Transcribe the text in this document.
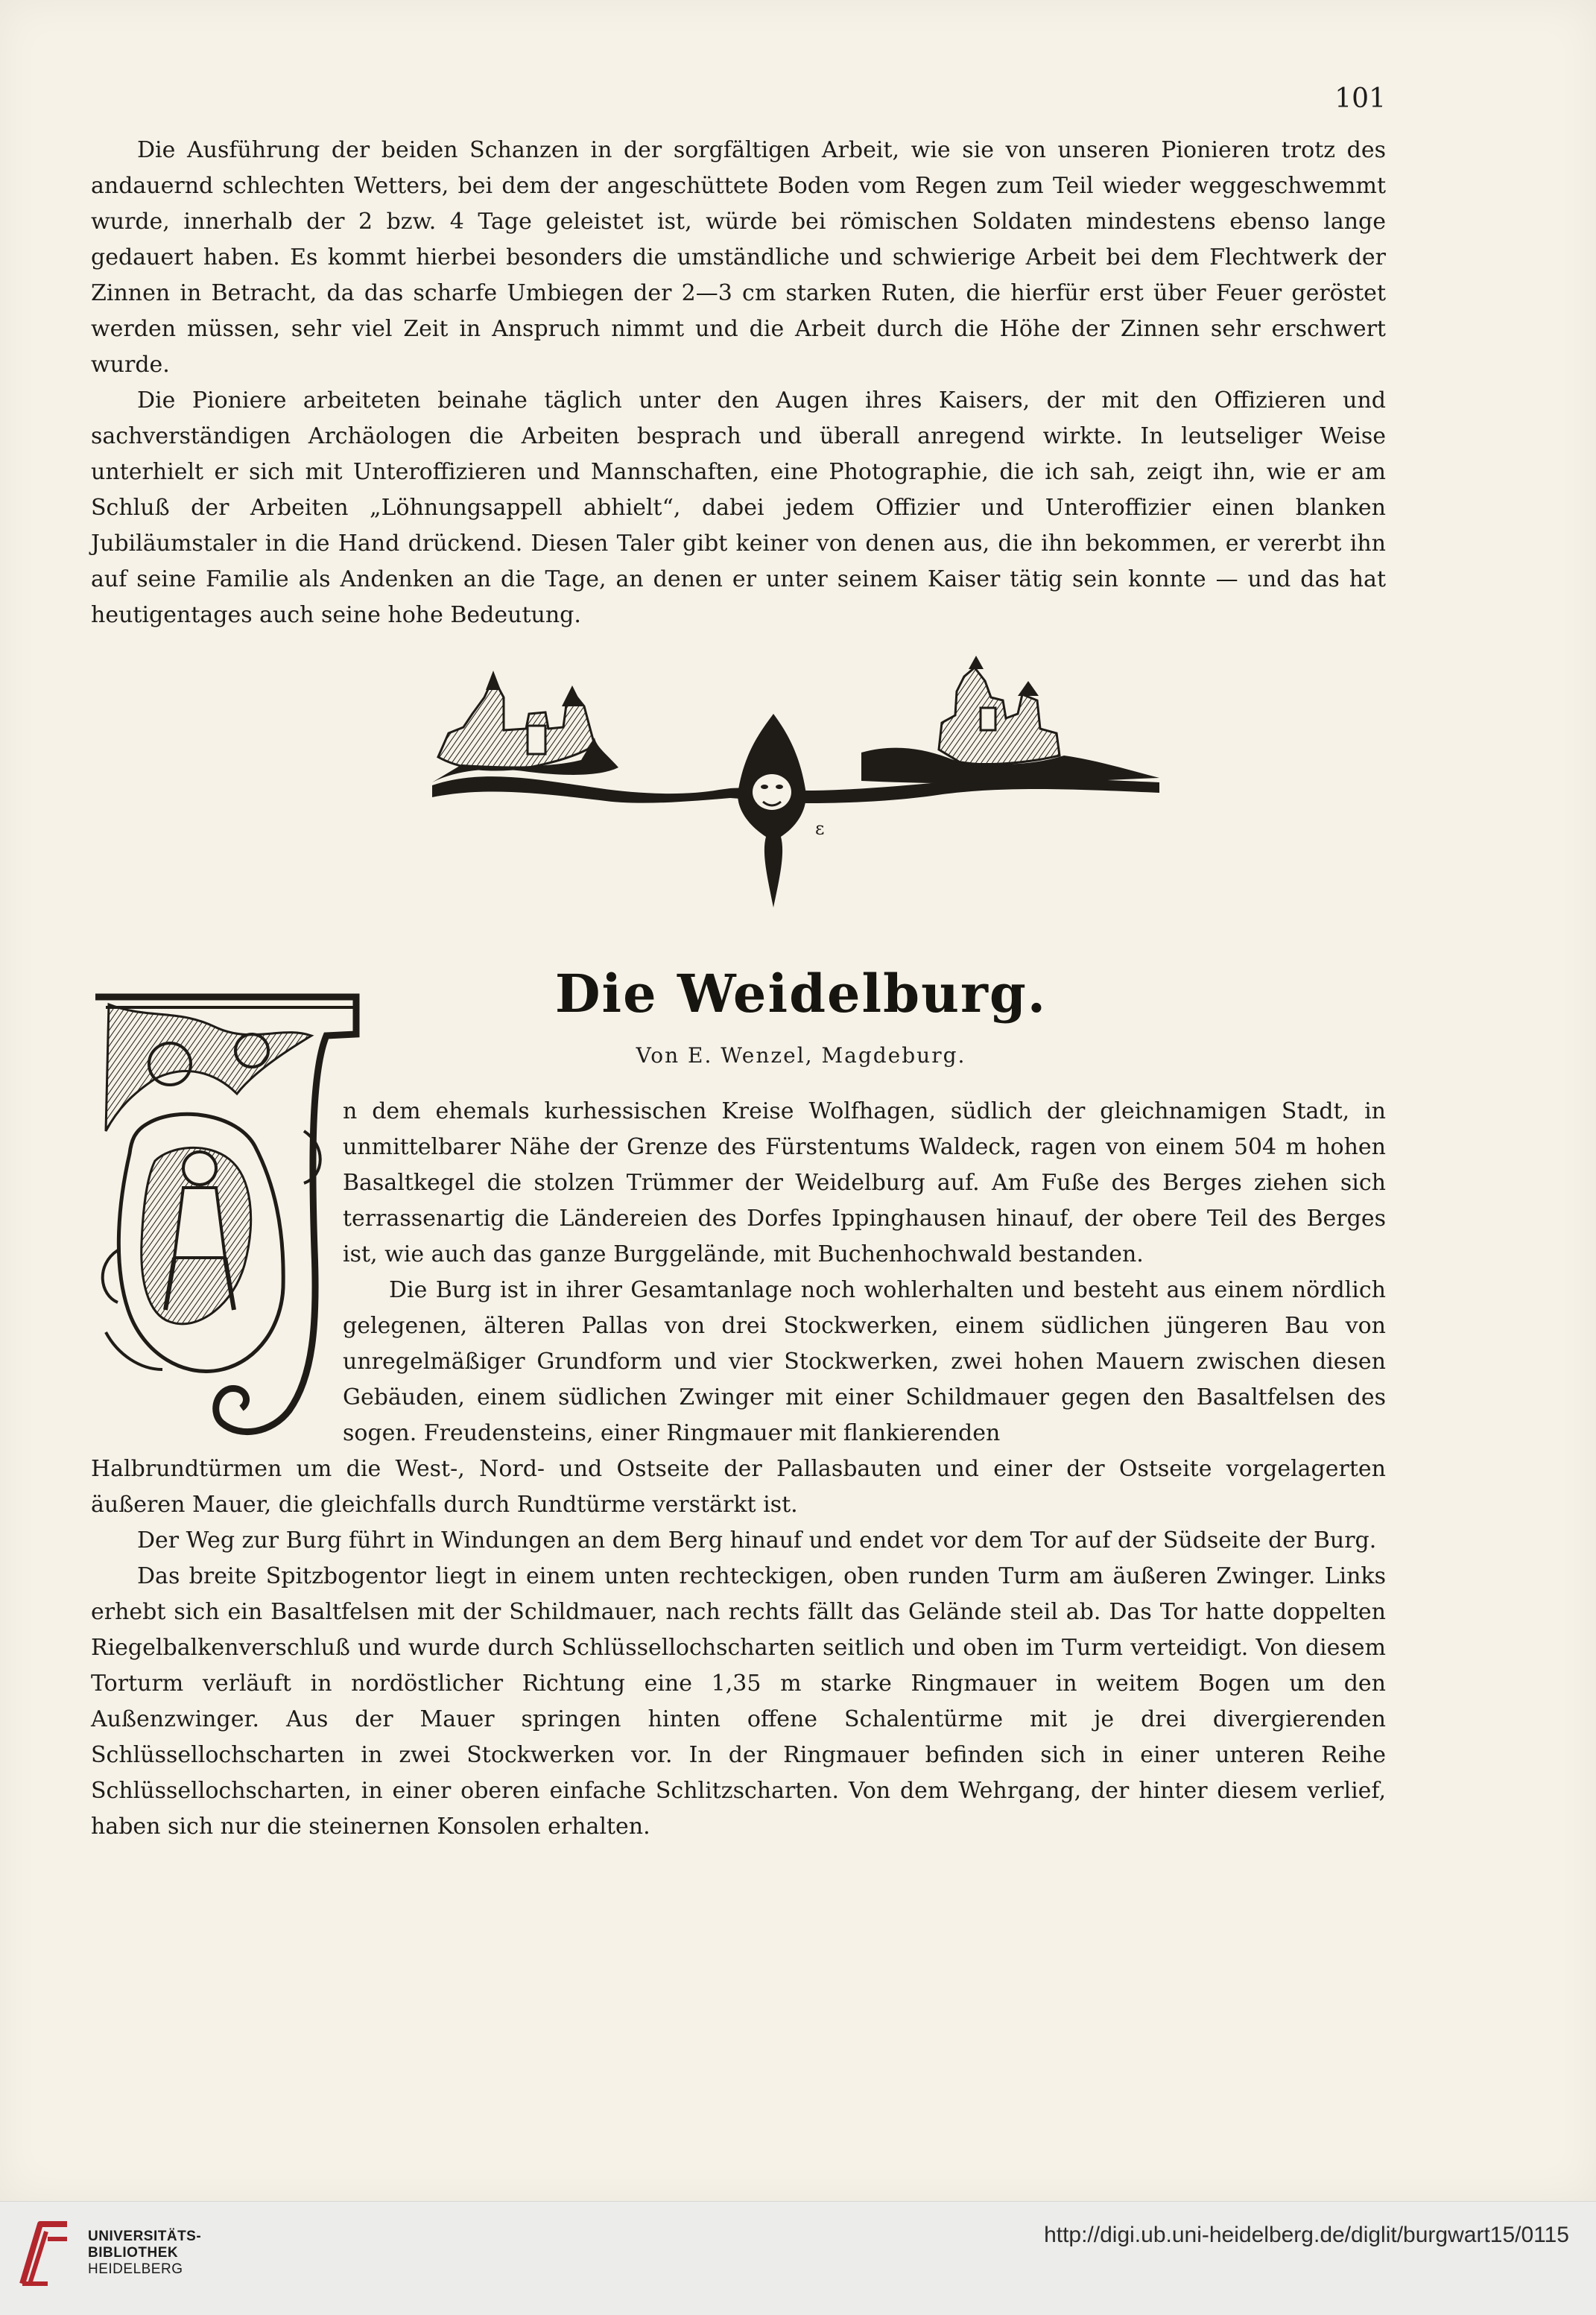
101

Die Ausführung der beiden Schanzen in der sorgfältigen Arbeit, wie sie von unseren Pionieren trotz des andauernd schlechten Wetters, bei dem der angeschüttete Boden vom Regen zum Teil wieder weggeschwemmt wurde, innerhalb der 2 bzw. 4 Tage geleistet ist, würde bei römischen Soldaten mindestens ebenso lange gedauert haben. Es kommt hierbei besonders die umständliche und schwierige Arbeit bei dem Flechtwerk der Zinnen in Betracht, da das scharfe Umbiegen der 2—3 cm starken Ruten, die hierfür erst über Feuer geröstet werden müssen, sehr viel Zeit in Anspruch nimmt und die Arbeit durch die Höhe der Zinnen sehr erschwert wurde.

Die Pioniere arbeiteten beinahe täglich unter den Augen ihres Kaisers, der mit den Offizieren und sachverständigen Archäologen die Arbeiten besprach und überall anregend wirkte. In leutseliger Weise unterhielt er sich mit Unteroffizieren und Mannschaften, eine Photographie, die ich sah, zeigt ihn, wie er am Schluß der Arbeiten „Löhnungsappell abhielt“, dabei jedem Offizier und Unteroffizier einen blanken Jubiläumstaler in die Hand drückend. Diesen Taler gibt keiner von denen aus, die ihn bekommen, er vererbt ihn auf seine Familie als Andenken an die Tage, an denen er unter seinem Kaiser tätig sein konnte — und das hat heutigentages auch seine hohe Bedeutung.

ε
Die Weidelburg.
Von E. Wenzel, Magdeburg.

n dem ehemals kurhessischen Kreise Wolfhagen, südlich der gleichnamigen Stadt, in unmittelbarer Nähe der Grenze des Fürstentums Waldeck, ragen von einem 504 m hohen Basaltkegel die stolzen Trümmer der Weidelburg auf. Am Fuße des Berges ziehen sich terrassenartig die Ländereien des Dorfes Ippinghausen hinauf, der obere Teil des Berges ist, wie auch das ganze Burggelände, mit Buchenhochwald bestanden.

Die Burg ist in ihrer Gesamtanlage noch wohlerhalten und besteht aus einem nördlich gelegenen, älteren Pallas von drei Stockwerken, einem südlichen jüngeren Bau von unregelmäßiger Grundform und vier Stockwerken, zwei hohen Mauern zwischen diesen Gebäuden, einem südlichen Zwinger mit einer Schildmauer gegen den Basaltfelsen des sogen. Freudensteins, einer Ringmauer mit flankierenden

Halbrundtürmen um die West-, Nord- und Ostseite der Pallasbauten und einer der Ostseite vorgelagerten äußeren Mauer, die gleichfalls durch Rundtürme verstärkt ist.

Der Weg zur Burg führt in Windungen an dem Berg hinauf und endet vor dem Tor auf der Südseite der Burg.

Das breite Spitzbogentor liegt in einem unten rechteckigen, oben runden Turm am äußeren Zwinger. Links erhebt sich ein Basaltfelsen mit der Schildmauer, nach rechts fällt das Gelände steil ab. Das Tor hatte doppelten Riegelbalkenverschluß und wurde durch Schlüssellochscharten seitlich und oben im Turm verteidigt. Von diesem Torturm verläuft in nordöstlicher Richtung eine 1,35 m starke Ringmauer in weitem Bogen um den Außenzwinger. Aus der Mauer springen hinten offene Schalentürme mit je drei divergierenden Schlüssellochscharten in zwei Stockwerken vor. In der Ringmauer befinden sich in einer unteren Reihe Schlüssellochscharten, in einer oberen einfache Schlitzscharten. Von dem Wehrgang, der hinter diesem verlief, haben sich nur die steinernen Konsolen erhalten.

UNIVERSITÄTS-
BIBLIOTHEK
HEIDELBERG
http://digi.ub.uni-heidelberg.de/diglit/burgwart15/0115
